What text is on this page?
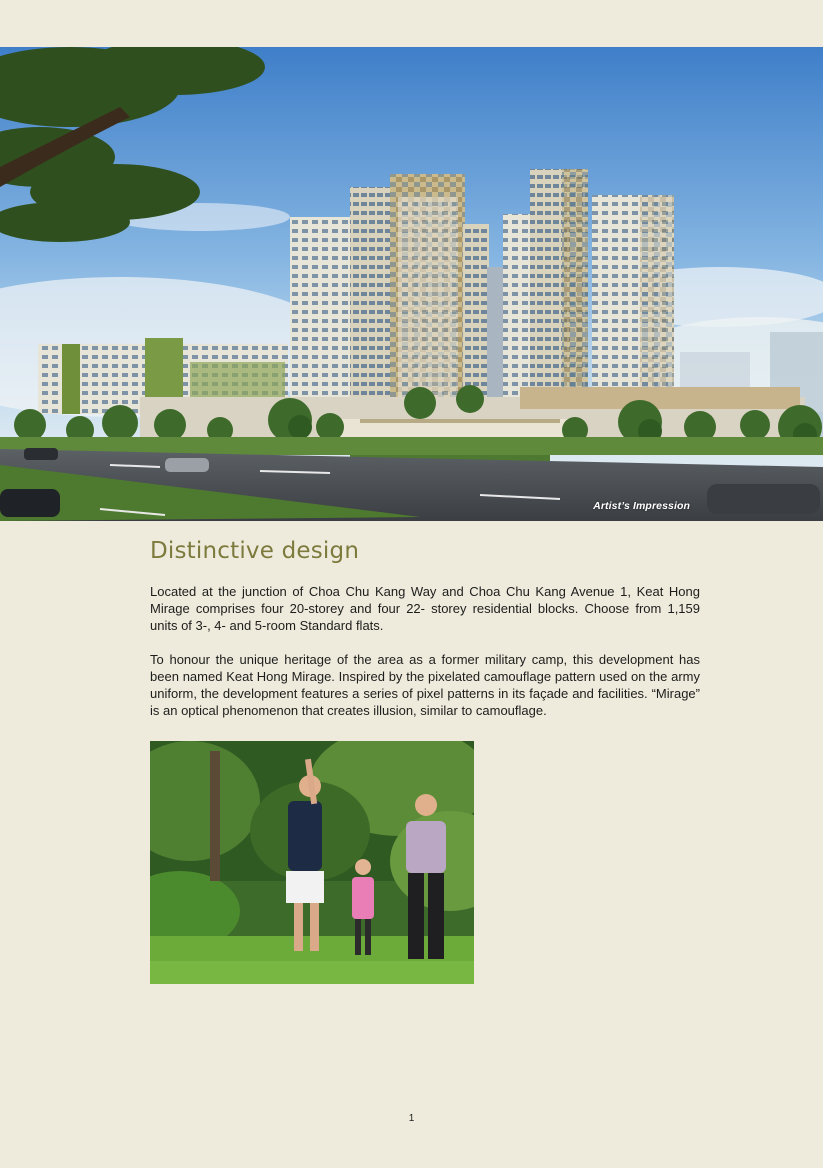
Artist’s Impression
Distinctive design

Located at the junction of Choa Chu Kang Way and Choa Chu Kang Avenue 1, Keat Hong Mirage comprises four 20-storey and four 22- storey residential blocks. Choose from 1,159 units of 3-, 4- and 5-room Standard flats.

To honour the unique heritage of the area as a former military camp, this development has been named Keat Hong Mirage. Inspired by the pixelated camouflage pattern used on the army uniform, the development features a series of pixel patterns in its façade and facilities. “Mirage” is an optical phenomenon that creates illusion, similar to camouflage.

1
